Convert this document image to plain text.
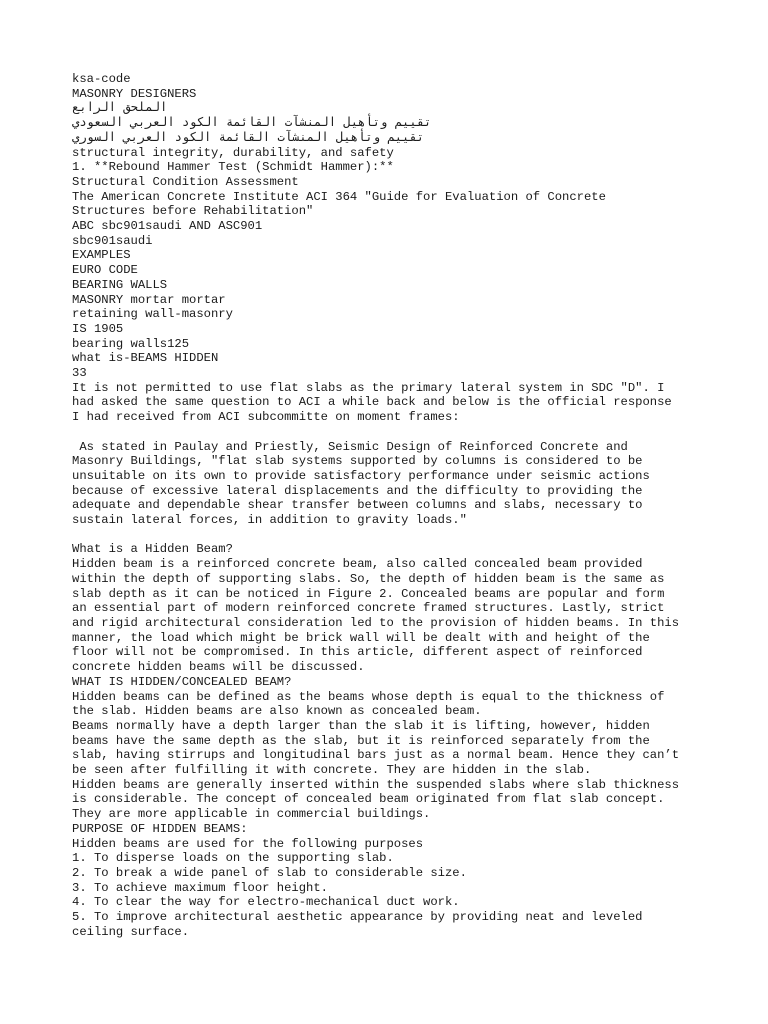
ksa-code
MASONRY DESIGNERS
الملحق الرابع
تقييم وتأهيل المنشآت القائمة الكود العربي السعودي
تقييم وتأهيل المنشآت القائمة الكود العربي السوري
structural integrity, durability, and safety
1. **Rebound Hammer Test (Schmidt Hammer):**
Structural Condition Assessment
The American Concrete Institute ACI 364 "Guide for Evaluation of Concrete
Structures before Rehabilitation"
ABC sbc901saudi AND ASC901
sbc901saudi
EXAMPLES
EURO CODE
BEARING WALLS
MASONRY mortar mortar
retaining wall-masonry
IS 1905
bearing walls125
what is-BEAMS HIDDEN
33
It is not permitted to use flat slabs as the primary lateral system in SDC "D". I
had asked the same question to ACI a while back and below is the official response
I had received from ACI subcommitte on moment frames:
As stated in Paulay and Priestly, Seismic Design of Reinforced Concrete and
Masonry Buildings, "flat slab systems supported by columns is considered to be
unsuitable on its own to provide satisfactory performance under seismic actions
because of excessive lateral displacements and the difficulty to providing the
adequate and dependable shear transfer between columns and slabs, necessary to
sustain lateral forces, in addition to gravity loads."
What is a Hidden Beam?
Hidden beam is a reinforced concrete beam, also called concealed beam provided
within the depth of supporting slabs. So, the depth of hidden beam is the same as
slab depth as it can be noticed in Figure 2. Concealed beams are popular and form
an essential part of modern reinforced concrete framed structures. Lastly, strict
and rigid architectural consideration led to the provision of hidden beams. In this
manner, the load which might be brick wall will be dealt with and height of the
floor will not be compromised. In this article, different aspect of reinforced
concrete hidden beams will be discussed.
WHAT IS HIDDEN/CONCEALED BEAM?
Hidden beams can be defined as the beams whose depth is equal to the thickness of
the slab. Hidden beams are also known as concealed beam.
Beams normally have a depth larger than the slab it is lifting, however, hidden
beams have the same depth as the slab, but it is reinforced separately from the
slab, having stirrups and longitudinal bars just as a normal beam. Hence they can’t
be seen after fulfilling it with concrete. They are hidden in the slab.
Hidden beams are generally inserted within the suspended slabs where slab thickness
is considerable. The concept of concealed beam originated from flat slab concept.
They are more applicable in commercial buildings.
PURPOSE OF HIDDEN BEAMS:
Hidden beams are used for the following purposes
1. To disperse loads on the supporting slab.
2. To break a wide panel of slab to considerable size.
3. To achieve maximum floor height.
4. To clear the way for electro-mechanical duct work.
5. To improve architectural aesthetic appearance by providing neat and leveled
ceiling surface.
